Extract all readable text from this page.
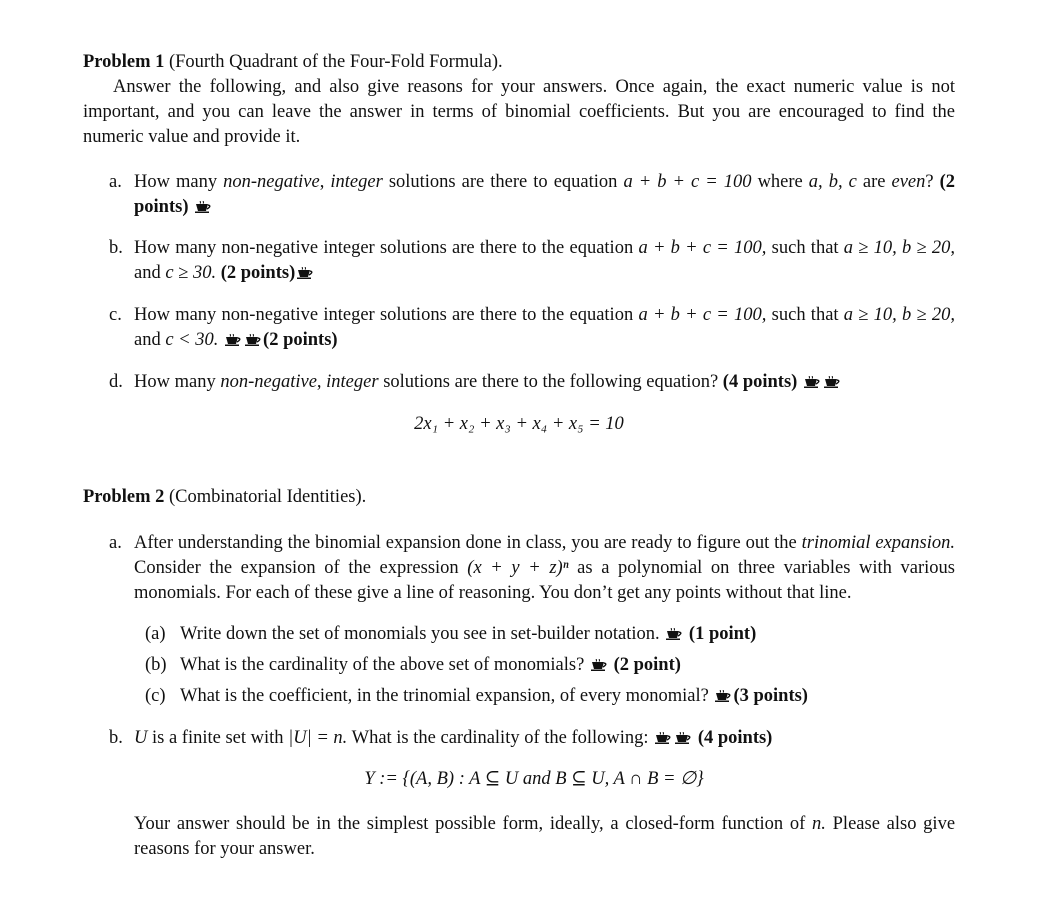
Problem 1 (Fourth Quadrant of the Four-Fold Formula).

Answer the following, and also give reasons for your answers. Once again, the exact numeric value is not important, and you can leave the answer in terms of binomial coefficients. But you are encouraged to find the numeric value and provide it.

a. How many non-negative, integer solutions are there to equation a + b + c = 100 where a, b, c are even? (2 points)
b. How many non-negative integer solutions are there to the equation a + b + c = 100, such that a ≥ 10, b ≥ 20, and c ≥ 30. (2 points)
c. How many non-negative integer solutions are there to the equation a + b + c = 100, such that a ≥ 10, b ≥ 20, and c < 30. (2 points)
d. How many non-negative, integer solutions are there to the following equation? (4 points)

2x₁ + x₂ + x₃ + x₄ + x₅ = 10

Problem 2 (Combinatorial Identities).

a. After understanding the binomial expansion done in class, you are ready to figure out the trinomial expansion. Consider the expansion of the expression (x + y + z)ⁿ as a polynomial on three variables with various monomials. For each of these give a line of reasoning. You don’t get any points without that line.
(a) Write down the set of monomials you see in set-builder notation. (1 point)
(b) What is the cardinality of the above set of monomials? (2 point)
(c) What is the coefficient, in the trinomial expansion, of every monomial? (3 points)
b. U is a finite set with |U| = n. What is the cardinality of the following:	(4 points)

Y := {(A, B) : A ⊆ U and B ⊆ U, A ∩ B = ∅}

Your answer should be in the simplest possible form, ideally, a closed-form function of n. Please also give reasons for your answer.
